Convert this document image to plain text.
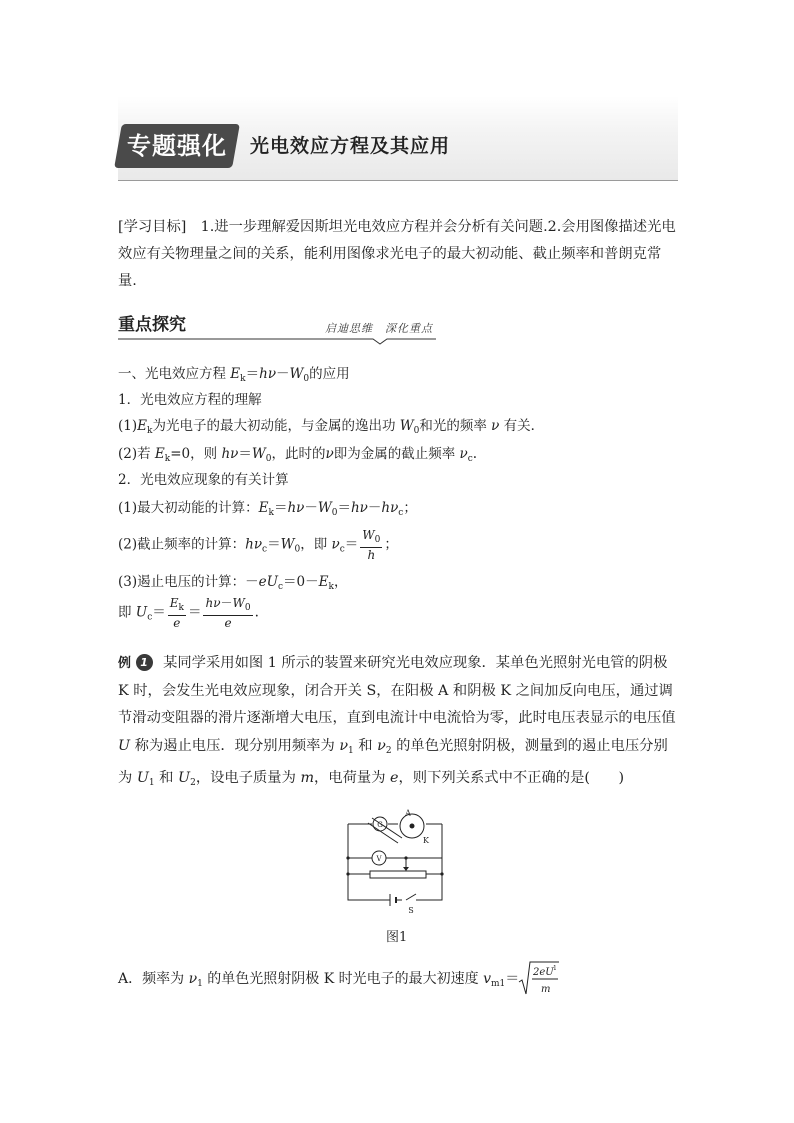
专题强化	光电效应方程及其应用
[学习目标]　1.进一步理解爱因斯坦光电效应方程并会分析有关问题.2.会用图像描述光电效应有关物理量之间的关系，能利用图像求光电子的最大初动能、截止频率和普朗克常量.
重点探究	启迪思维　深化重点
一、光电效应方程 $E_k=h\nu-W_0$的应用
1．光电效应方程的理解
$(1)E_k$为光电子的最大初动能，与金属的逸出功 $W_0$和光的频率 ν 有关．
(2)若 $E_k=0$，则 $h\nu=W_0$，此时的ν即为金属的截止频率 $\nu_c$.
2．光电效应现象的有关计算
(1)最大初动能的计算：$E_k=h\nu-W_0=h\nu-h\nu_c$；
(2)截止频率的计算：$h\nu_c=W_0$，即 $\nu_c= \frac{W_0}{h}$ ；
(3)遏止电压的计算：$-eU_c=0-E_k$，
即 $U_c= \frac{E_k}{e} = \frac{h\nu-W_0}{e}$ .
例 1 某同学采用如图 1 所示的装置来研究光电效应现象．某单色光照射光电管的阴极 K 时，会发生光电效应现象，闭合开关 S，在阳极 A 和阴极 K 之间加反向电压，通过调节滑动变阻器的滑片逐渐增大电压，直到电流计中电流恰为零，此时电压表显示的电压值 U 称为遏止电压．现分别用频率为 $\nu_1$ 和 $\nu_2$ 的单色光照射阴极，测量到的遏止电压分别为 $U_1$ 和 $U_2$，设电子质量为 m，电荷量为 e，则下列关系式中不正确的是(　　)
A
K
G
V
S
图1
A．频率为 $\nu_1$ 的单色光照射阴极 K 时光电子的最大初速度 $v_{m1}= 2eU$ 1
m
